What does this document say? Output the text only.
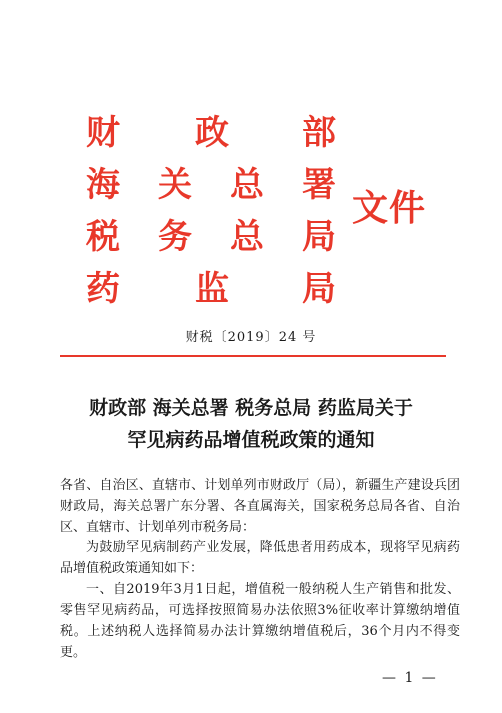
财 政 部
海 关 总 署
税 务 总 局
药 监 局
文件
财税〔2019〕24 号
财政部 海关总署 税务总局 药监局关于
罕见病药品增值税政策的通知
各省、自治区、直辖市、计划单列市财政厅（局），新疆生产建设兵团财政局，海关总署广东分署、各直属海关，国家税务总局各省、自治区、直辖市、计划单列市税务局：
为鼓励罕见病制药产业发展，降低患者用药成本，现将罕见病药品增值税政策通知如下：
一、自2019年3月1日起，增值税一般纳税人生产销售和批发、零售罕见病药品，可选择按照简易办法依照3%征收率计算缴纳增值税。上述纳税人选择简易办法计算缴纳增值税后，36个月内不得变更。
— 1 —
